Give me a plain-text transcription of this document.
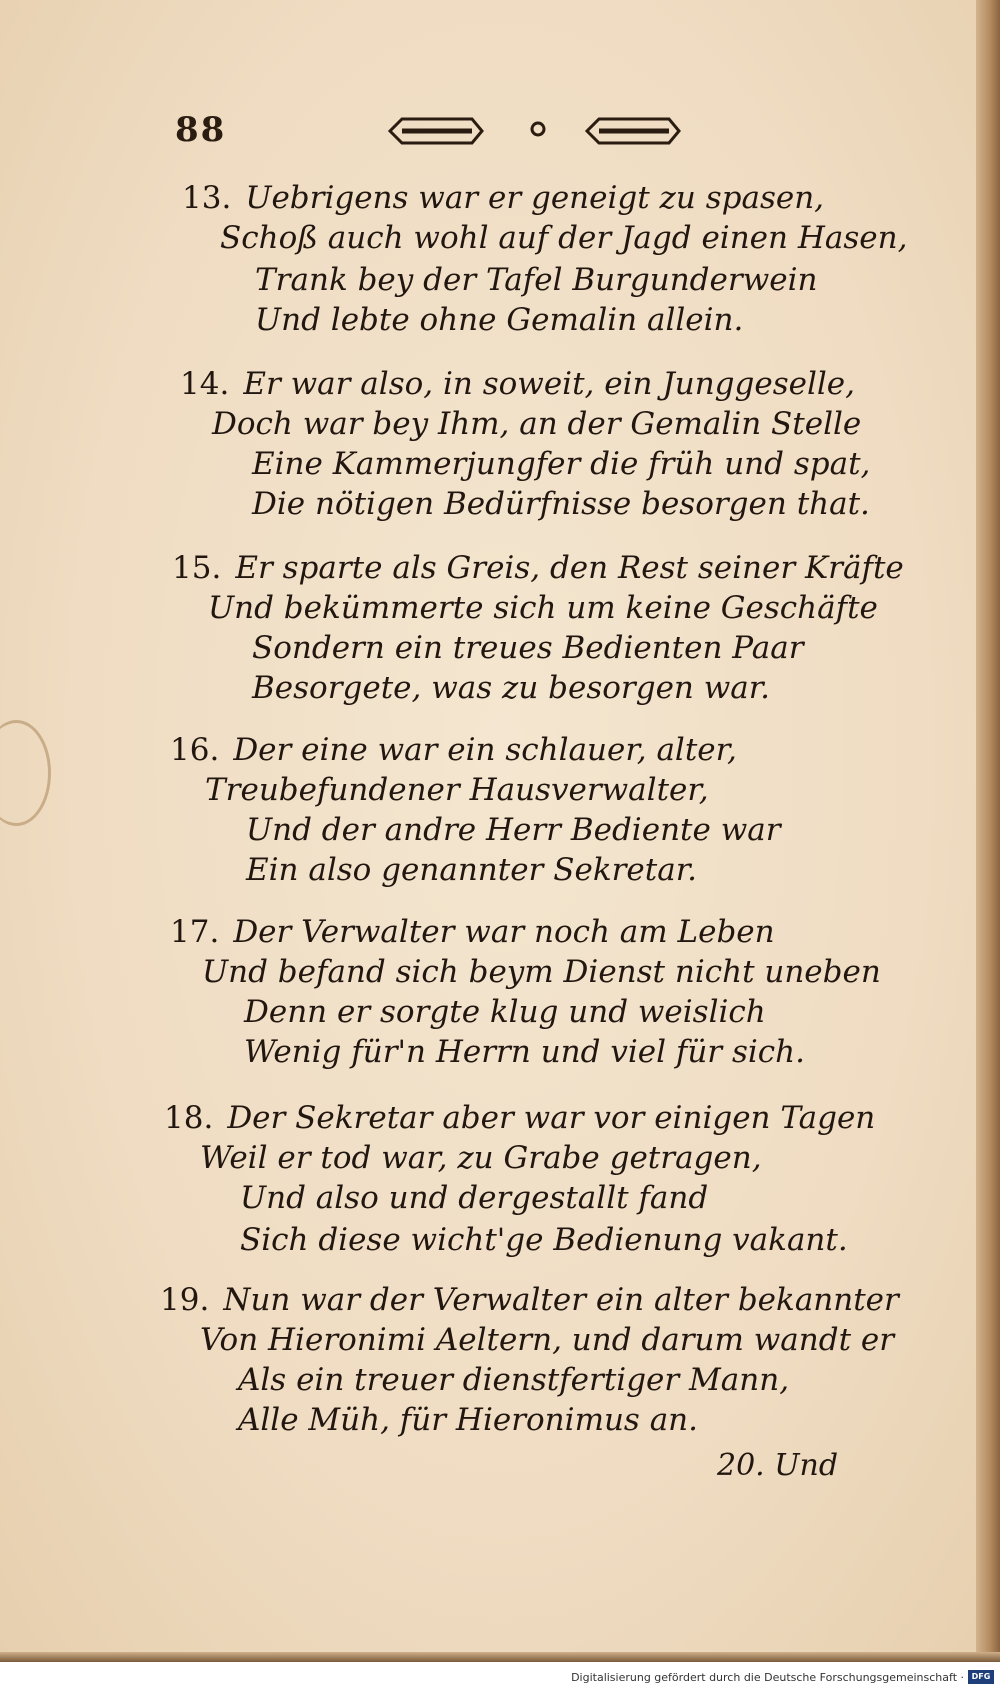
88
13. Uebrigens war er geneigt zu spasen,
Schoß auch wohl auf der Jagd einen Hasen,
Trank bey der Tafel Burgunderwein
Und lebte ohne Gemalin allein.
14. Er war also, in soweit, ein Junggeselle,
Doch war bey Ihm, an der Gemalin Stelle
Eine Kammerjungfer die früh und spat,
Die nötigen Bedürfnisse besorgen that.
15. Er sparte als Greis, den Rest seiner Kräfte
Und bekümmerte sich um keine Geschäfte
Sondern ein treues Bedienten Paar
Besorgete, was zu besorgen war.
16. Der eine war ein schlauer, alter,
Treubefundener Hausverwalter,
Und der andre Herr Bediente war
Ein also genannter Sekretar.
17. Der Verwalter war noch am Leben
Und befand sich beym Dienst nicht uneben
Denn er sorgte klug und weislich
Wenig für'n Herrn und viel für sich.
18. Der Sekretar aber war vor einigen Tagen
Weil er tod war, zu Grabe getragen,
Und also und dergestallt fand
Sich diese wicht'ge Bedienung vakant.
19. Nun war der Verwalter ein alter bekannter
Von Hieronimi Aeltern, und darum wandt er
Als ein treuer dienstfertiger Mann,
Alle Müh, für Hieronimus an.
20. Und
Digitalisierung gefördert durch die Deutsche Forschungsgemeinschaft · DFG
